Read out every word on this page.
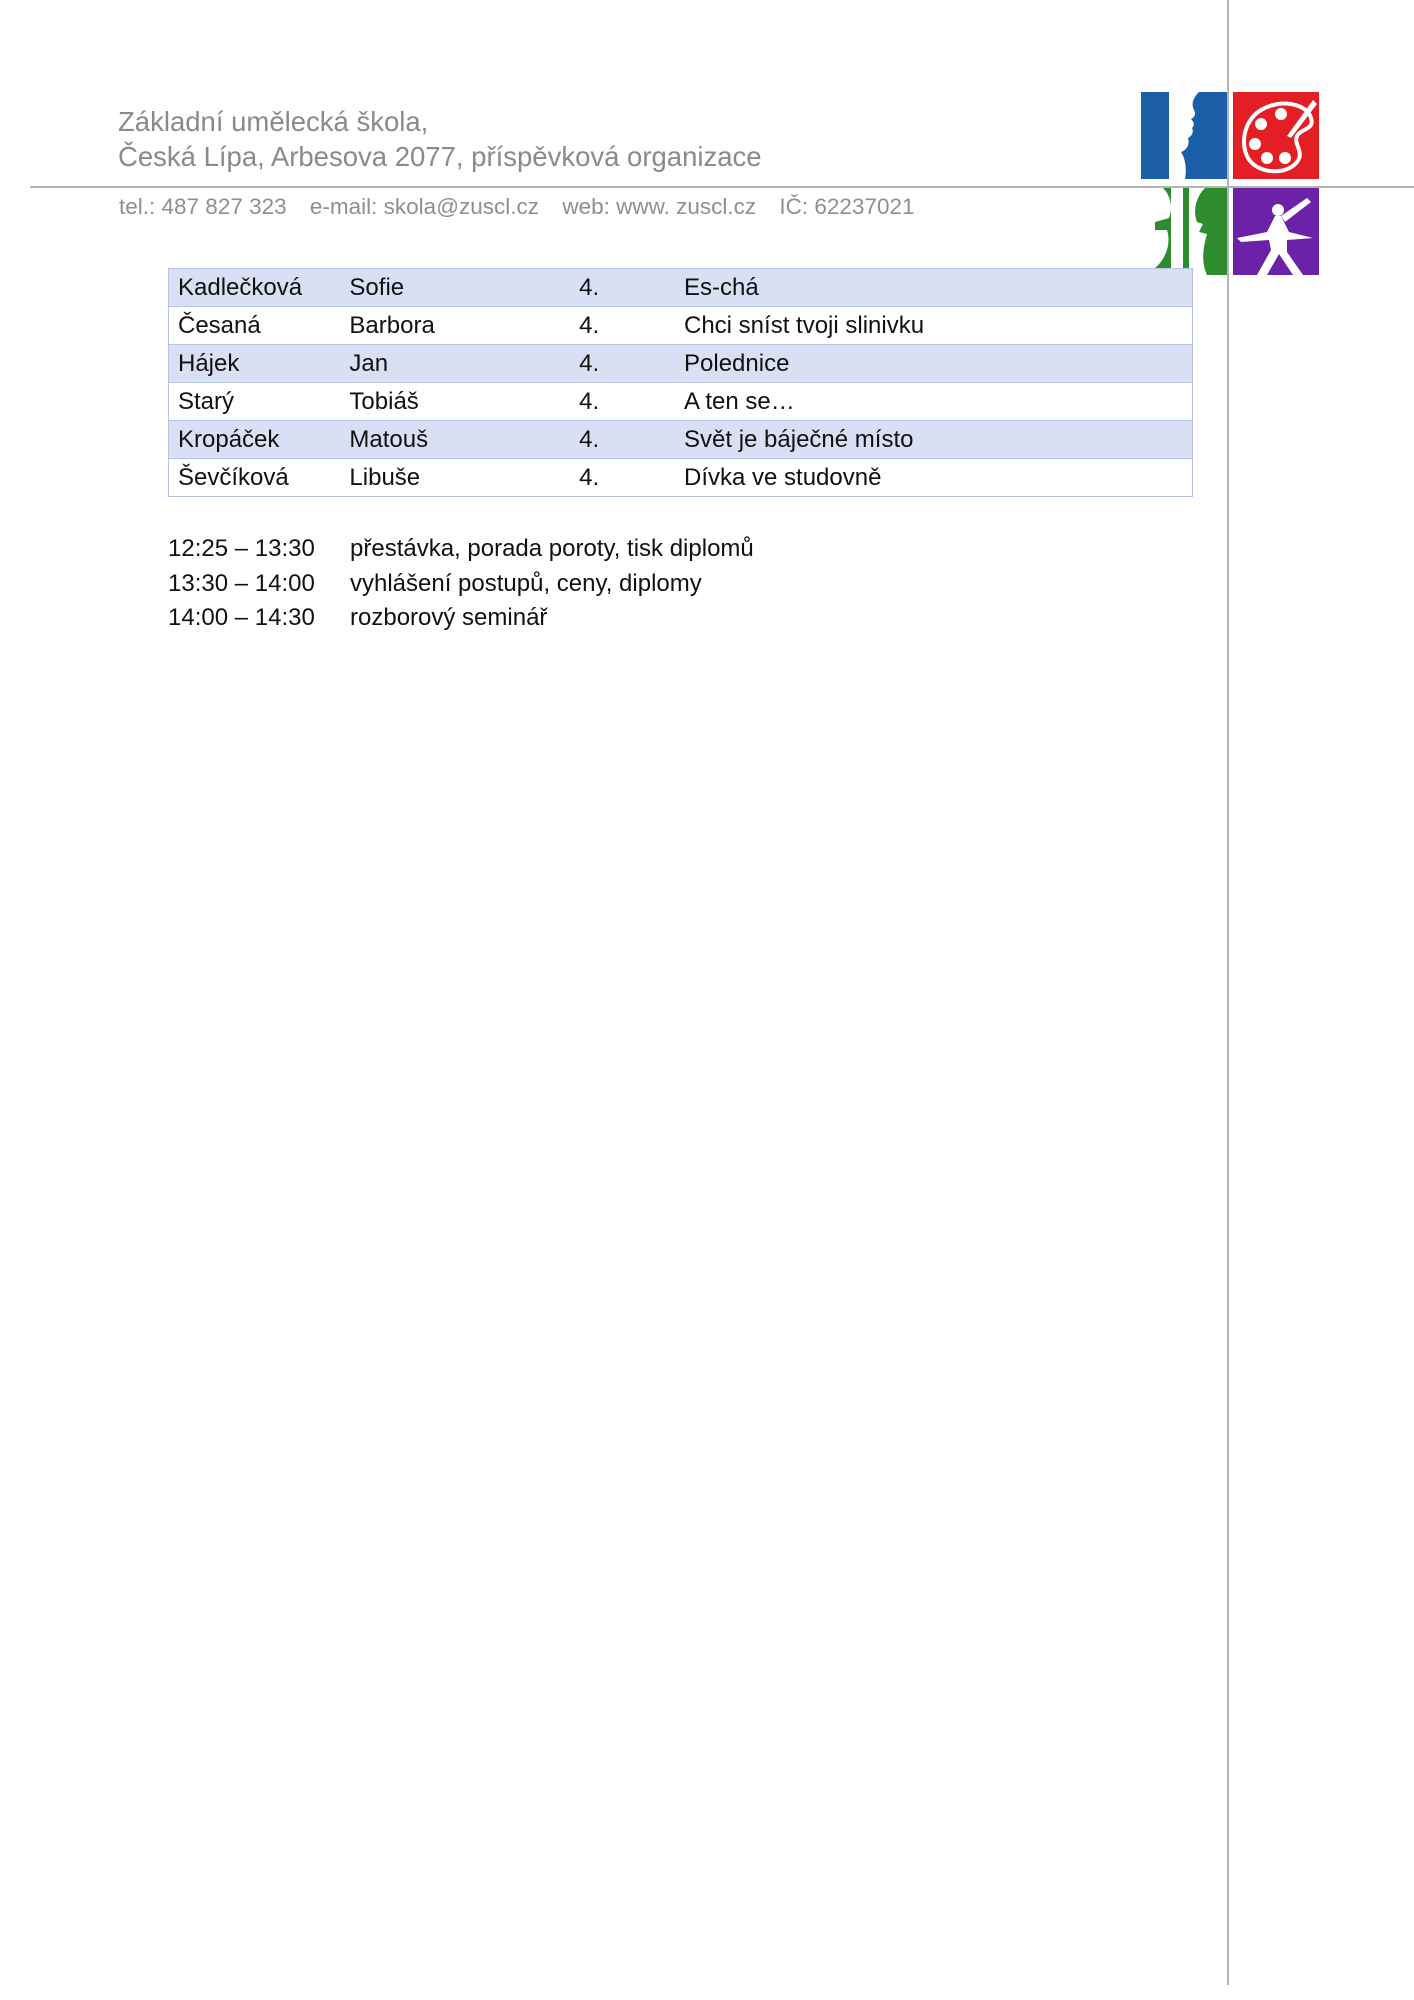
Základní umělecká škola,
Česká Lípa, Arbesova 2077, příspěvková organizace
tel.: 487 827 323 e-mail: skola@zuscl.cz web: www. zuscl.cz IČ: 62237021
Kadlečková	Sofie	4.	Es-chá
Česaná	Barbora	4.	Chci sníst tvoji slinivku
Hájek	Jan	4.	Polednice
Starý	Tobiáš	4.	A ten se…
Kropáček	Matouš	4.	Svět je báječné místo
Ševčíková	Libuše	4.	Dívka ve studovně
12:25 – 13:30	přestávka, porada poroty, tisk diplomů
13:30 – 14:00	vyhlášení postupů, ceny, diplomy
14:00 – 14:30	rozborový seminář
